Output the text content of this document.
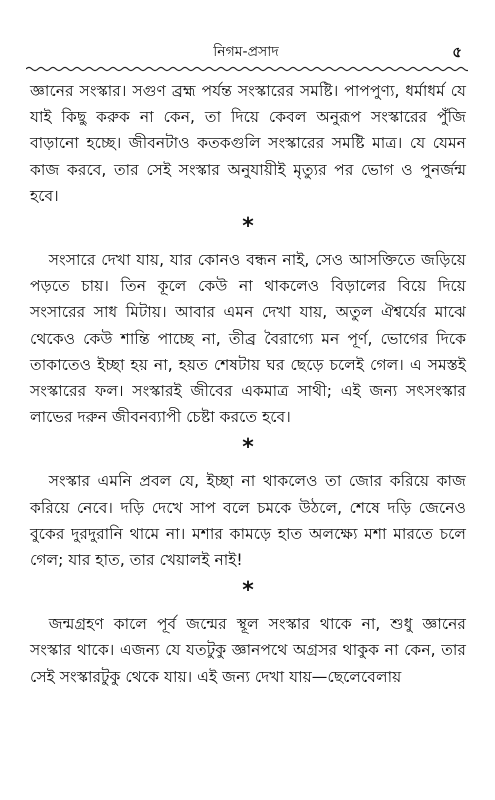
নিগম-প্রসাদ	৫

জ্ঞানের সংস্কার। সগুণ ব্রহ্ম পর্যন্ত সংস্কারের সমষ্টি। পাপপুণ্য, ধর্মাধর্ম যে যাই কিছু করুক না কেন, তা দিয়ে কেবল অনুরূপ সংস্কারের পুঁজি বাড়ানো হচ্ছে। জীবনটাও কতকগুলি সংস্কারের সমষ্টি মাত্র। যে যেমন কাজ করবে, তার সেই সংস্কার অনুযায়ীই মৃত্যুর পর ভোগ ও পুনর্জন্ম হবে।

*

সংসারে দেখা যায়, যার কোনও বন্ধন নাই, সেও আসক্তিতে জড়িয়ে পড়তে চায়। তিন কূলে কেউ না থাকলেও বিড়ালের বিয়ে দিয়ে সংসারের সাধ মিটায়। আবার এমন দেখা যায়, অতুল ঐশ্বর্যের মাঝে থেকেও কেউ শান্তি পাচ্ছে না, তীব্র বৈরাগ্যে মন পূর্ণ, ভোগের দিকে তাকাতেও ইচ্ছা হয় না, হয়ত শেষটায় ঘর ছেড়ে চলেই গেল। এ সমস্তই সংস্কারের ফল। সংস্কারই জীবের একমাত্র সাথী; এই জন্য সৎসংস্কার লাভের দরুন জীবনব্যাপী চেষ্টা করতে হবে।

*

সংস্কার এমনি প্রবল যে, ইচ্ছা না থাকলেও তা জোর করিয়ে কাজ করিয়ে নেবে। দড়ি দেখে সাপ বলে চমকে উঠলে, শেষে দড়ি জেনেও বুকের দুরদুরানি থামে না। মশার কামড়ে হাত অলক্ষ্যে মশা মারতে চলে গেল; যার হাত, তার খেয়ালই নাই!

*

জন্মগ্রহণ কালে পূর্ব জন্মের স্থূল সংস্কার থাকে না, শুধু জ্ঞানের সংস্কার থাকে। এজন্য যে যতটুকু জ্ঞানপথে অগ্রসর থাকুক না কেন, তার সেই সংস্কারটুকু থেকে যায়। এই জন্য দেখা যায়—ছেলেবেলায়
